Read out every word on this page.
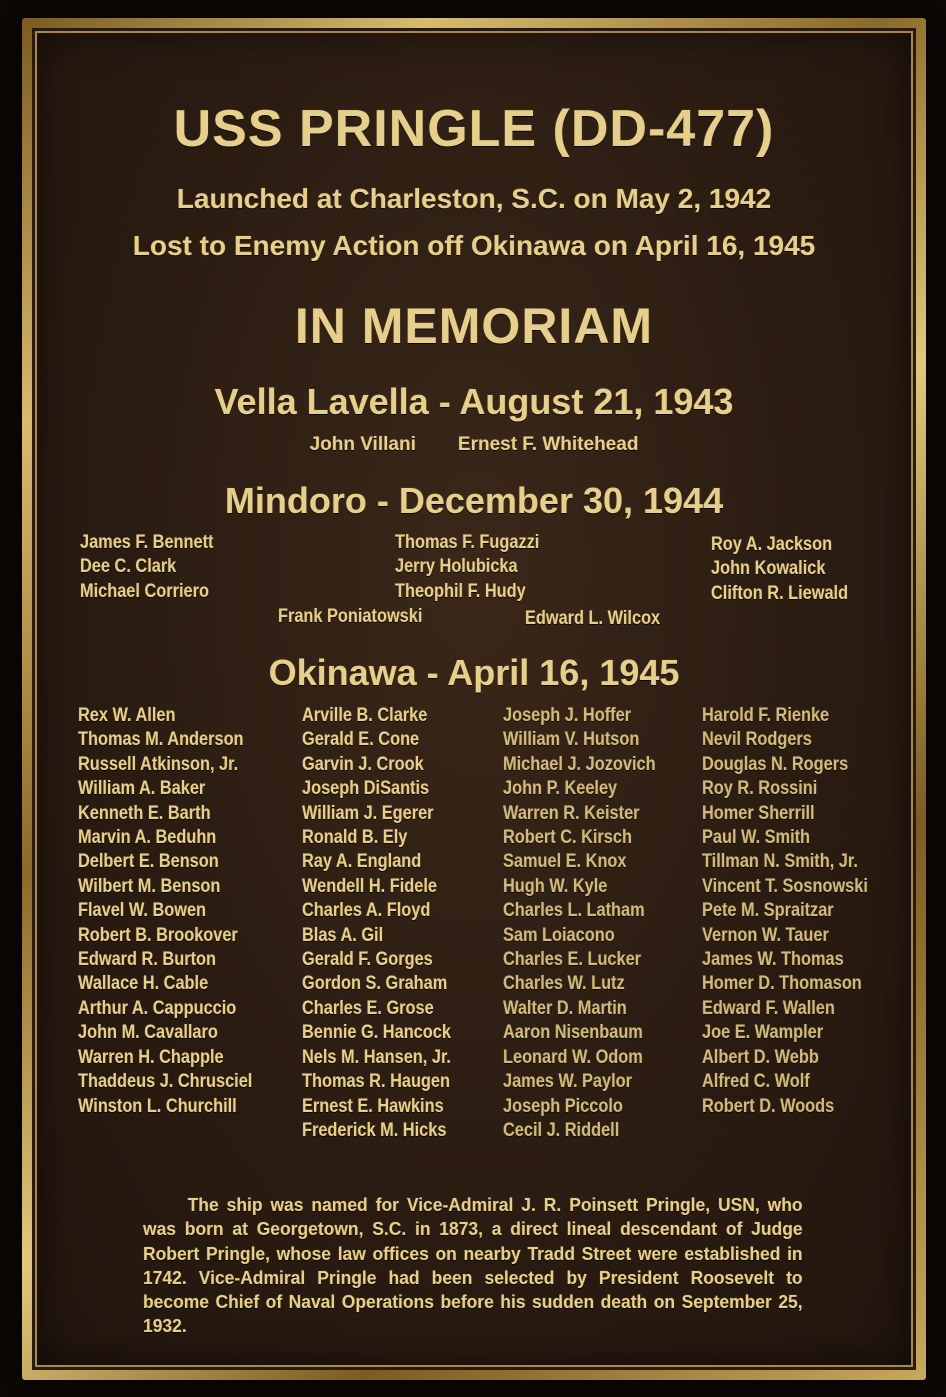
USS PRINGLE (DD-477)
Launched at Charleston, S.C. on May 2, 1942
Lost to Enemy Action off Okinawa on April 16, 1945
IN MEMORIAM
Vella Lavella - August 21, 1943
John Villani Ernest F. Whitehead
Mindoro - December 30, 1944
James F. Bennett
Dee C. Clark
Michael Corriero
Thomas F. Fugazzi
Jerry Holubicka
Theophil F. Hudy
Roy A. Jackson
John Kowalick
Clifton R. Liewald
Frank Poniatowski	Edward L. Wilcox
Okinawa - April 16, 1945
Rex W. Allen
Thomas M. Anderson
Russell Atkinson, Jr.
William A. Baker
Kenneth E. Barth
Marvin A. Beduhn
Delbert E. Benson
Wilbert M. Benson
Flavel W. Bowen
Robert B. Brookover
Edward R. Burton
Wallace H. Cable
Arthur A. Cappuccio
John M. Cavallaro
Warren H. Chapple
Thaddeus J. Chrusciel
Winston L. Churchill
Arville B. Clarke
Gerald E. Cone
Garvin J. Crook
Joseph DiSantis
William J. Egerer
Ronald B. Ely
Ray A. England
Wendell H. Fidele
Charles A. Floyd
Blas A. Gil
Gerald F. Gorges
Gordon S. Graham
Charles E. Grose
Bennie G. Hancock
Nels M. Hansen, Jr.
Thomas R. Haugen
Ernest E. Hawkins
Frederick M. Hicks
Joseph J. Hoffer
William V. Hutson
Michael J. Jozovich
John P. Keeley
Warren R. Keister
Robert C. Kirsch
Samuel E. Knox
Hugh W. Kyle
Charles L. Latham
Sam Loiacono
Charles E. Lucker
Charles W. Lutz
Walter D. Martin
Aaron Nisenbaum
Leonard W. Odom
James W. Paylor
Joseph Piccolo
Cecil J. Riddell
Harold F. Rienke
Nevil Rodgers
Douglas N. Rogers
Roy R. Rossini
Homer Sherrill
Paul W. Smith
Tillman N. Smith, Jr.
Vincent T. Sosnowski
Pete M. Spraitzar
Vernon W. Tauer
James W. Thomas
Homer D. Thomason
Edward F. Wallen
Joe E. Wampler
Albert D. Webb
Alfred C. Wolf
Robert D. Woods
The ship was named for Vice-Admiral J. R. Poinsett Pringle, USN, who was born at Georgetown, S.C. in 1873, a direct lineal descendant of Judge Robert Pringle, whose law offices on nearby Tradd Street were established in 1742. Vice-Admiral Pringle had been selected by President Roosevelt to become Chief of Naval Operations before his sudden death on September 25, 1932.
